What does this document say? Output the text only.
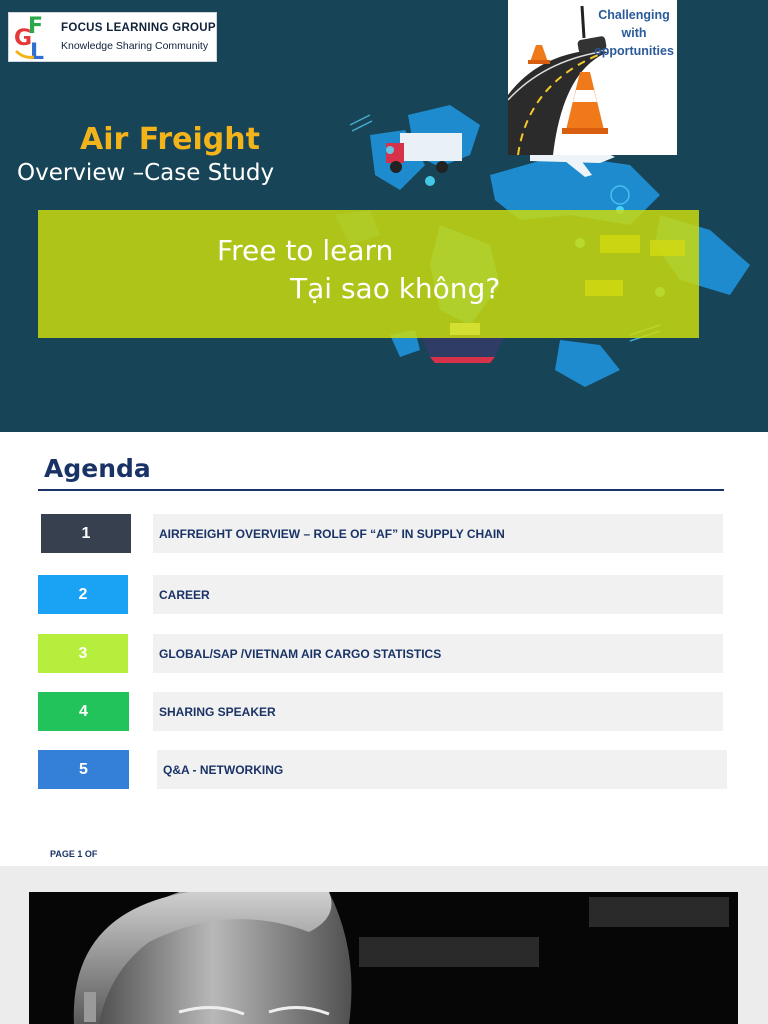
G
F
L
FOCUS LEARNING GROUP
Knowledge Sharing Community
Challenging
with
opportunities
Air Freight
Overview –Case Study
Free to learn
Tại sao không?
Agenda
1	AIRFREIGHT OVERVIEW – ROLE OF “AF” IN SUPPLY CHAIN
2	CAREER
3	GLOBAL/SAP /VIETNAM AIR CARGO STATISTICS
4	SHARING SPEAKER
5	Q&A - NETWORKING
PAGE 1 OF
